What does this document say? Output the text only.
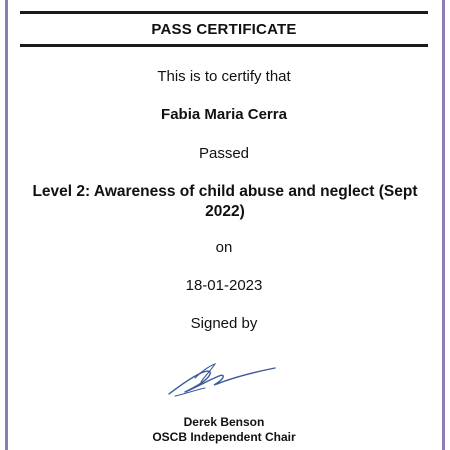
PASS CERTIFICATE
This is to certify that
Fabia Maria Cerra
Passed
Level 2: Awareness of child abuse and neglect (Sept 2022)
on
18-01-2023
Signed by
Derek Benson
OSCB Independent Chair
